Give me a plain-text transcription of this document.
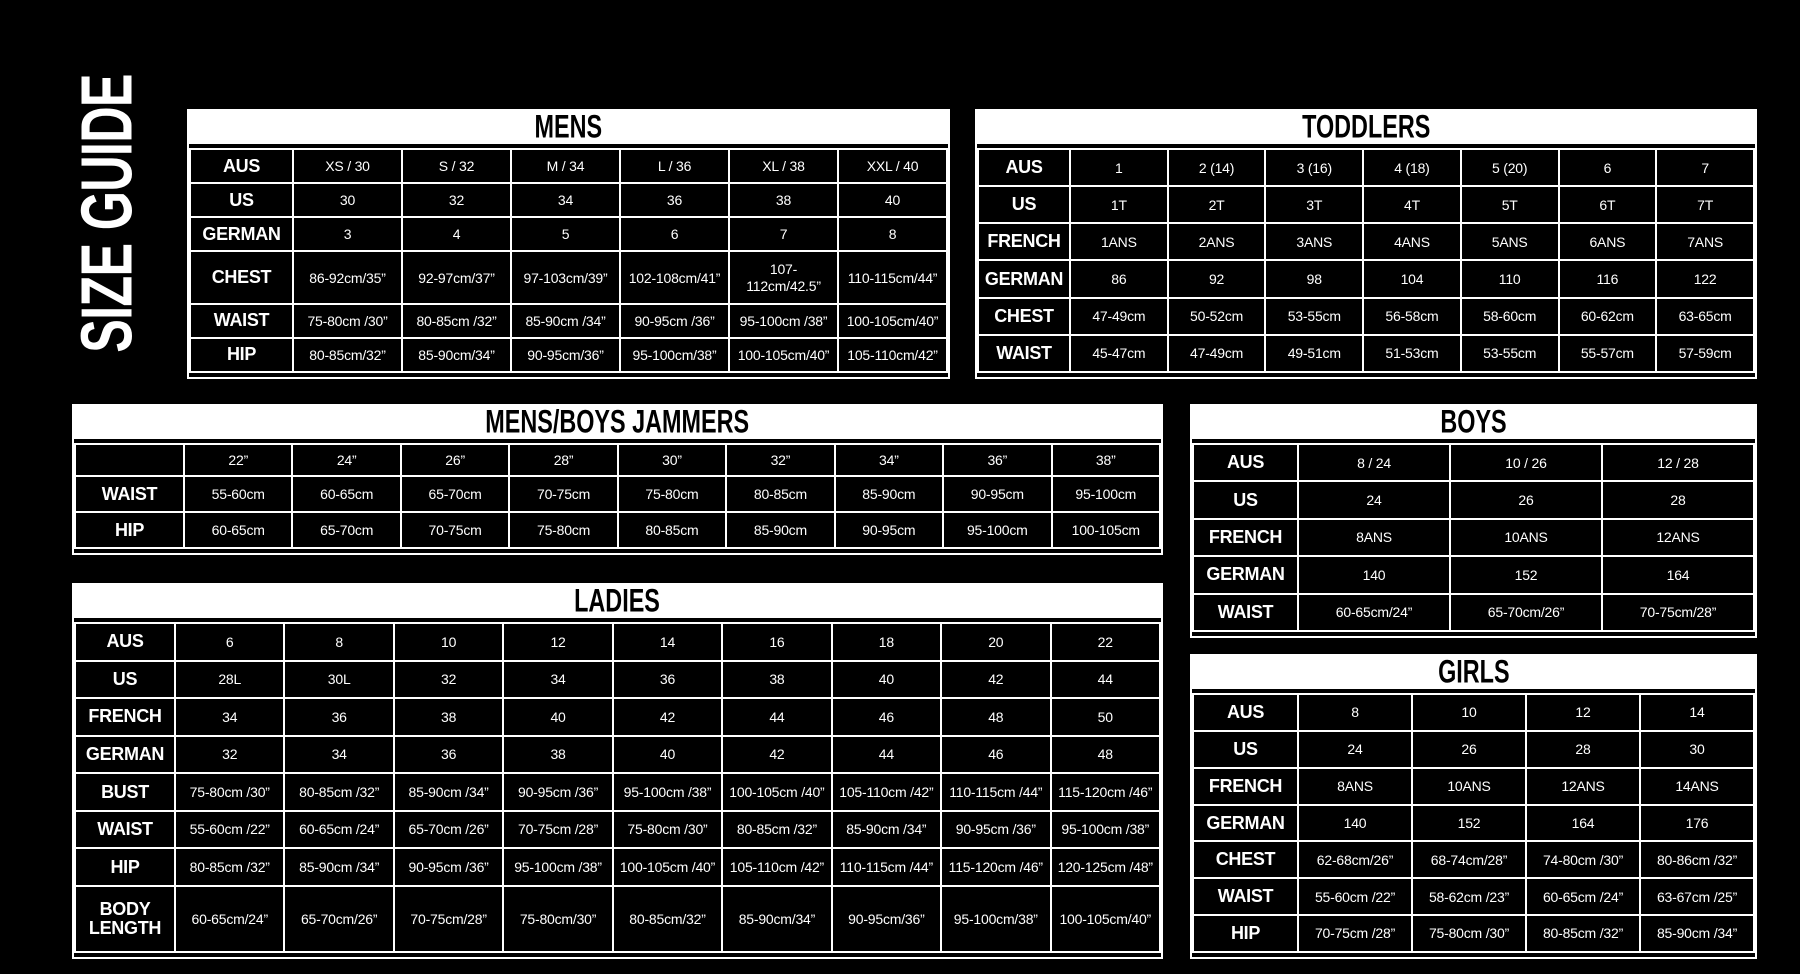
SIZE GUIDE	MENS
AUS	XS / 30	S / 32	M / 34	L / 36	XL / 38	XXL / 40
US	30	32	34	36	38	40
GERMAN	3	4	5	6	7	8
CHEST	86-92cm/35”	92-97cm/37”	97-103cm/39”	102-108cm/41”	107-112cm/42.5”	110-115cm/44”
WAIST	75-80cm /30”	80-85cm /32”	85-90cm /34”	90-95cm /36”	95-100cm /38”	100-105cm/40”
HIP	80-85cm/32”	85-90cm/34”	90-95cm/36”	95-100cm/38”	100-105cm/40”	105-110cm/42”
TODDLERS
AUS	1	2 (14)	3 (16)	4 (18)	5 (20)	6	7
US	1T	2T	3T	4T	5T	6T	7T
FRENCH	1ANS	2ANS	3ANS	4ANS	5ANS	6ANS	7ANS
GERMAN	86	92	98	104	110	116	122
CHEST	47-49cm	50-52cm	53-55cm	56-58cm	58-60cm	60-62cm	63-65cm
WAIST	45-47cm	47-49cm	49-51cm	51-53cm	53-55cm	55-57cm	57-59cm
MENS/BOYS JAMMERS
	22”	24”	26”	28”	30”	32”	34”	36”	38”
WAIST	55-60cm	60-65cm	65-70cm	70-75cm	75-80cm	80-85cm	85-90cm	90-95cm	95-100cm
HIP	60-65cm	65-70cm	70-75cm	75-80cm	80-85cm	85-90cm	90-95cm	95-100cm	100-105cm
BOYS
AUS	8 / 24	10 / 26	12 / 28
US	24	26	28
FRENCH	8ANS	10ANS	12ANS
GERMAN	140	152	164
WAIST	60-65cm/24”	65-70cm/26”	70-75cm/28”
LADIES
AUS	6	8	10	12	14	16	18	20	22
US	28L	30L	32	34	36	38	40	42	44
FRENCH	34	36	38	40	42	44	46	48	50
GERMAN	32	34	36	38	40	42	44	46	48
BUST	75-80cm /30”	80-85cm /32”	85-90cm /34”	90-95cm /36”	95-100cm /38”	100-105cm /40”	105-110cm /42”	110-115cm /44”	115-120cm /46”
WAIST	55-60cm /22”	60-65cm /24”	65-70cm /26”	70-75cm /28”	75-80cm /30”	80-85cm /32”	85-90cm /34”	90-95cm /36”	95-100cm /38”
HIP	80-85cm /32”	85-90cm /34”	90-95cm /36”	95-100cm /38”	100-105cm /40”	105-110cm /42”	110-115cm /44”	115-120cm /46”	120-125cm /48”
BODY LENGTH	60-65cm/24”	65-70cm/26”	70-75cm/28”	75-80cm/30”	80-85cm/32”	85-90cm/34”	90-95cm/36”	95-100cm/38”	100-105cm/40”
GIRLS
AUS	8	10	12	14
US	24	26	28	30
FRENCH	8ANS	10ANS	12ANS	14ANS
GERMAN	140	152	164	176
CHEST	62-68cm/26”	68-74cm/28”	74-80cm /30”	80-86cm /32”
WAIST	55-60cm /22”	58-62cm /23”	60-65cm /24”	63-67cm /25”
HIP	70-75cm /28”	75-80cm /30”	80-85cm /32”	85-90cm /34”
